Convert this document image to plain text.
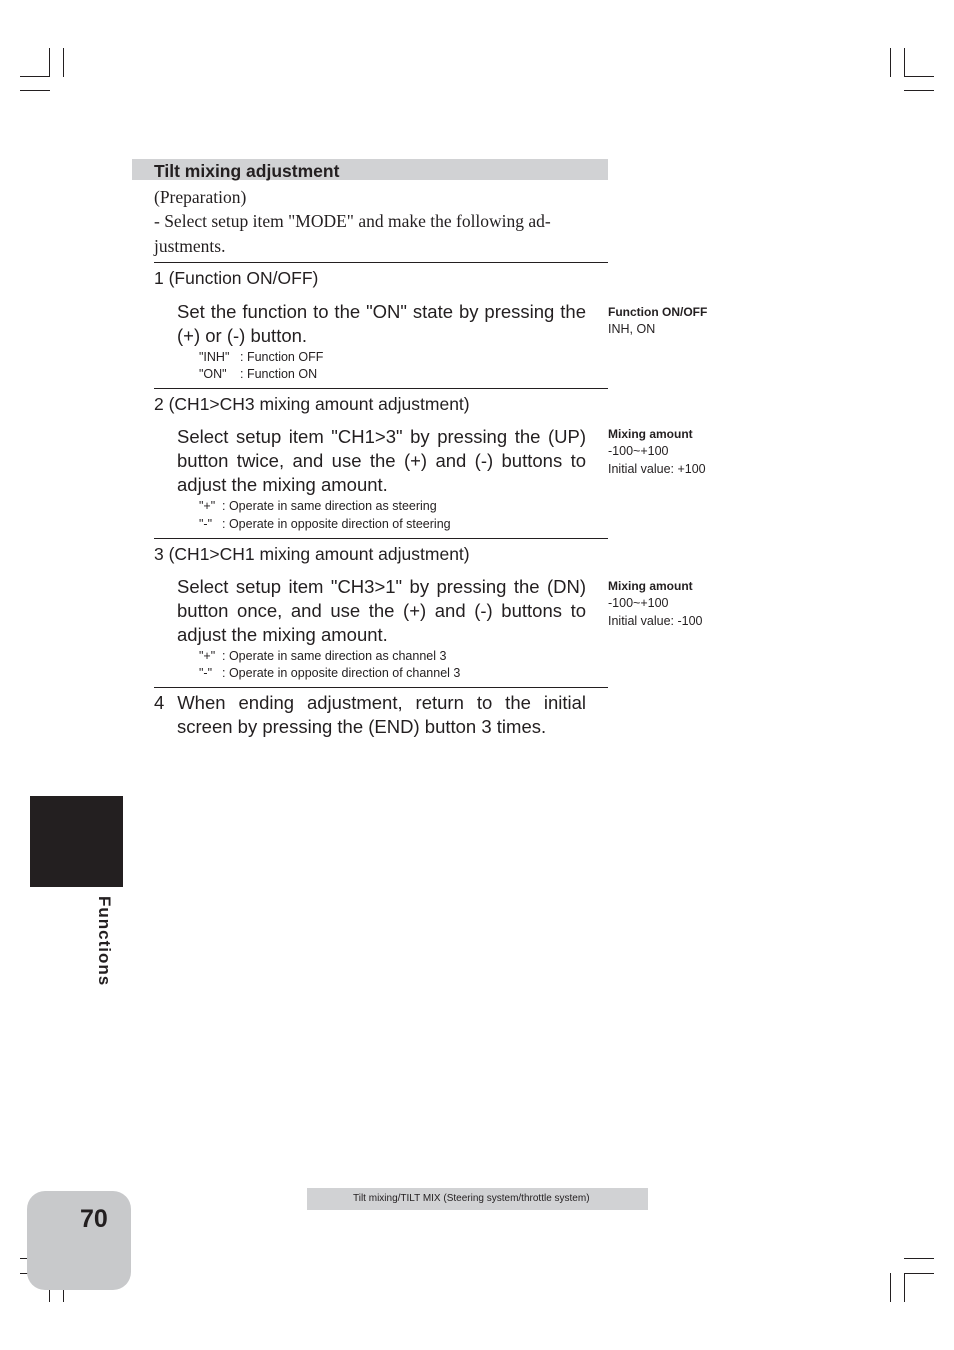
Tilt mixing adjustment
(Preparation)
- Select setup item "MODE" and make the following ad-
justments.
1 (Function ON/OFF)
Set the function to the "ON" state by pressing the (+) or (-) button.
"INH" : Function OFF
"ON" : Function ON
2 (CH1>CH3 mixing amount adjustment)
Select setup item "CH1>3" by pressing the (UP) button twice, and use the (+) and (-) buttons to adjust the mixing amount.
"+" : Operate in same direction as steering
"-" : Operate in opposite direction of steering
3 (CH1>CH1 mixing amount adjustment)
Select setup item "CH3>1" by pressing the (DN) button once, and use the (+) and (-) buttons to adjust the mixing amount.
"+" : Operate in same direction as channel 3
"-" : Operate in opposite direction of channel 3
4 When ending adjustment, return to the initial
screen by pressing the (END) button 3 times.
Function ON/OFF
INH, ON
Mixing amount
-100~+100
Initial value: +100
Mixing amount
-100~+100
Initial value: -100
Functions
70
Tilt mixing/TILT MIX (Steering system/throttle system)
